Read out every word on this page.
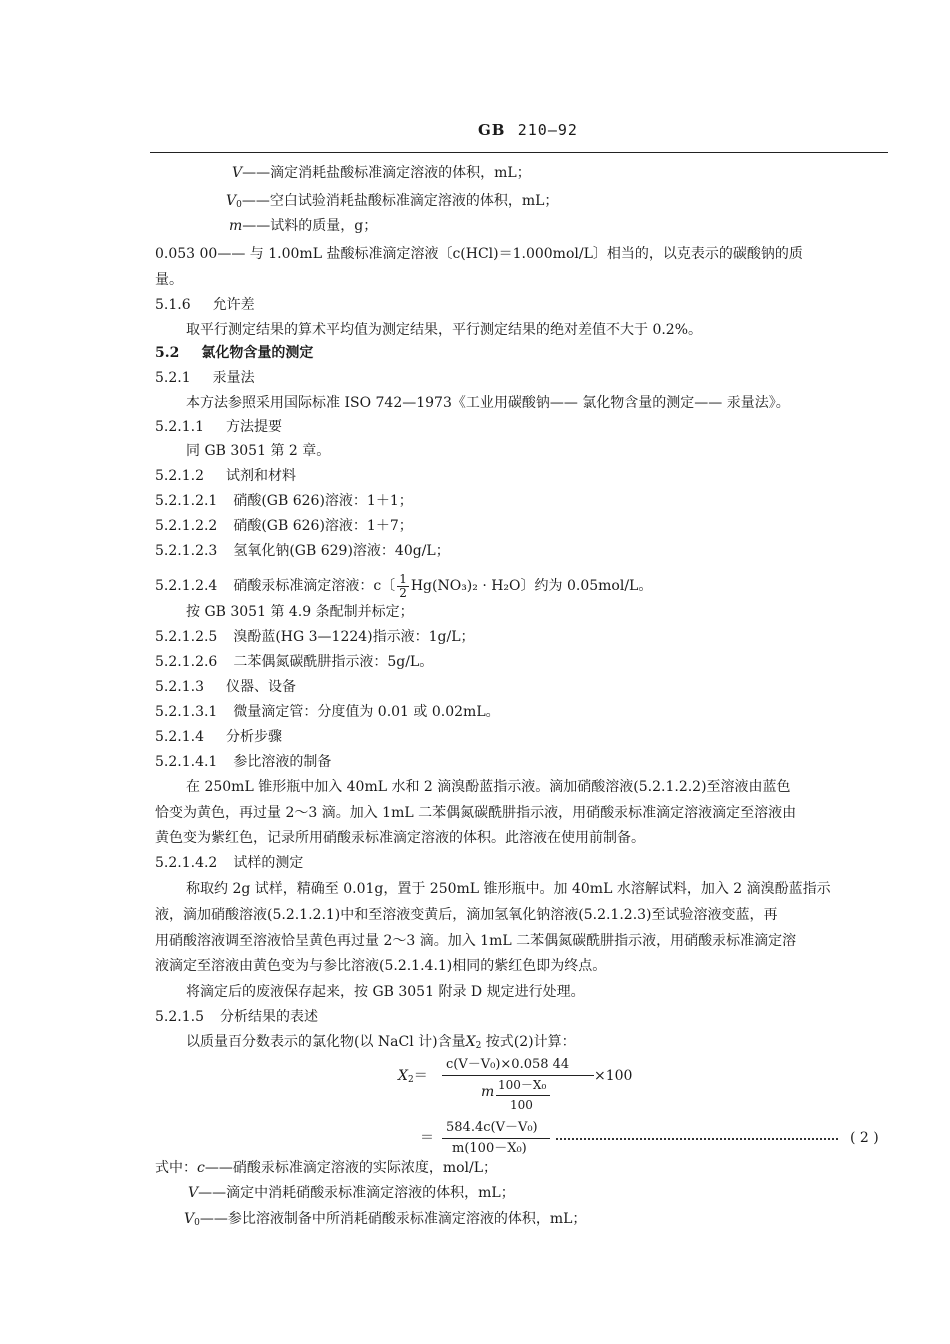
GB 210—92
V——滴定消耗盐酸标准滴定溶液的体积，mL；
$V_0——$空白试验消耗盐酸标准滴定溶液的体积，mL；
m——试料的质量，g；
0.053 00—— 与 1.00mL 盐酸标准滴定溶液〔c(HCl)＝1.000mol/L〕相当的，以克表示的碳酸钠的质
量。
5.1.6 允许差
取平行测定结果的算术平均值为测定结果，平行测定结果的绝对差值不大于 0.2%。
5.2 氯化物含量的测定
5.2.1 汞量法
本方法参照采用国际标准 ISO 742—1973《工业用碳酸钠—— 氯化物含量的测定—— 汞量法》。
5.2.1.1 方法提要
同 GB 3051 第 2 章。
5.2.1.2 试剂和材料
5.2.1.2.1 硝酸(GB 626)溶液：1＋1；
5.2.1.2.2 硝酸(GB 626)溶液：1＋7；
5.2.1.2.3 氢氧化钠(GB 629)溶液：40g/L；
5.2.1.2.4 硝酸汞标准滴定溶液：c〔 $\frac{1}{2} Hg(NO_3)_2 \cdot H_2O$〕约为 0.05mol/L。
按 GB 3051 第 4.9 条配制并标定；
5.2.1.2.5 溴酚蓝(HG 3—1224)指示液：1g/L；
5.2.1.2.6 二苯偶氮碳酰肼指示液：5g/L。
5.2.1.3 仪器、设备
5.2.1.3.1 微量滴定管：分度值为 0.01 或 0.02mL。
5.2.1.4 分析步骤
5.2.1.4.1 参比溶液的制备
在 250mL 锥形瓶中加入 40mL 水和 2 滴溴酚蓝指示液。滴加硝酸溶液(5.2.1.2.2)至溶液由蓝色
恰变为黄色，再过量 2～3 滴。加入 1mL 二苯偶氮碳酰肼指示液，用硝酸汞标准滴定溶液滴定至溶液由
黄色变为紫红色，记录所用硝酸汞标准滴定溶液的体积。此溶液在使用前制备。
5.2.1.4.2 试样的测定
称取约 2g 试样，精确至 0.01g，置于 250mL 锥形瓶中。加 40mL 水溶解试料，加入 2 滴溴酚蓝指示
液，滴加硝酸溶液(5.2.1.2.1)中和至溶液变黄后，滴加氢氧化钠溶液(5.2.1.2.3)至试验溶液变蓝，再
用硝酸溶液调至溶液恰呈黄色再过量 2～3 滴。加入 1mL 二苯偶氮碳酰肼指示液，用硝酸汞标准滴定溶
液滴定至溶液由黄色变为与参比溶液(5.2.1.4.1)相同的紫红色即为终点。
将滴定后的废液保存起来，按 GB 3051 附录 D 规定进行处理。
5.2.1.5 分析结果的表述
以质量百分数表示的氯化物(以 NaCl 计)含量$X_2$ 按式(2)计算：
$X_2=$
c(V－V₀)×0.058 44
m 100－X₀
100
×100
＝
584.4c(V－V₀)
m(100－X₀)
( 2 )
式中：c——硝酸汞标准滴定溶液的实际浓度，mol/L；
V——滴定中消耗硝酸汞标准滴定溶液的体积，mL；
$V_0——$参比溶液制备中所消耗硝酸汞标准滴定溶液的体积，mL；
